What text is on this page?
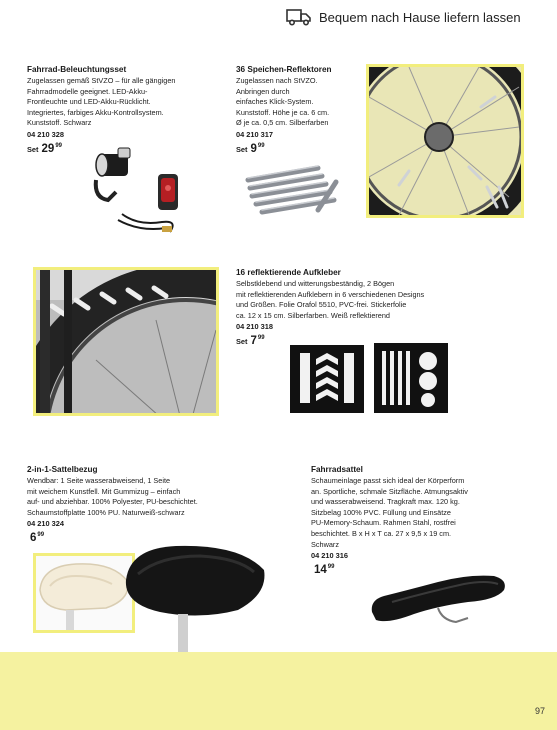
Bequem nach Hause liefern lassen
Fahrrad-Beleuchtungsset
Zugelassen gemäß StVZO – für alle gängigen
Fahrradmodelle geeignet. LED-Akku-
Frontleuchte und LED-Akku-Rücklicht.
Integriertes, farbiges Akku-Kontrollsystem.
Kunststoff. Schwarz
04 210 328
Set $29^{99}$
36 Speichen-Reflektoren
Zugelassen nach StVZO.
Anbringen durch
einfaches Klick-System.
Kunststoff. Höhe je ca. 6 cm.
Ø je ca. 0,5 cm. Silberfarben
04 210 317
Set $9^{99}$
16 reflektierende Aufkleber
Selbstklebend und witterungsbeständig, 2 Bögen
mit reflektierenden Aufklebern in 6 verschiedenen Designs
und Größen. Folie Orafol 5510, PVC-frei. Stickerfolie
ca. 12 x 15 cm. Silberfarben. Weiß reflektierend
04 210 318
Set $7^{99}$
2-in-1-Sattelbezug
Wendbar: 1 Seite wasserabweisend, 1 Seite
mit weichem Kunstfell. Mit Gummizug – einfach
auf- und abziehbar. 100% Polyester, PU-beschichtet.
Schaumstoffplatte 100% PU. Naturweiß-schwarz
04 210 324
$6^{99}$
Fahrradsattel
Schaumeinlage passt sich ideal der Körperform
an. Sportliche, schmale Sitzfläche. Atmungsaktiv
und wasserabweisend. Tragkraft max. 120 kg.
Sitzbelag 100% PVC. Füllung und Einsätze
PU-Memory-Schaum. Rahmen Stahl, rostfrei
beschichtet. B x H x T ca. 27 x 9,5 x 19 cm.
Schwarz
04 210 316
$14^{99}$
97
